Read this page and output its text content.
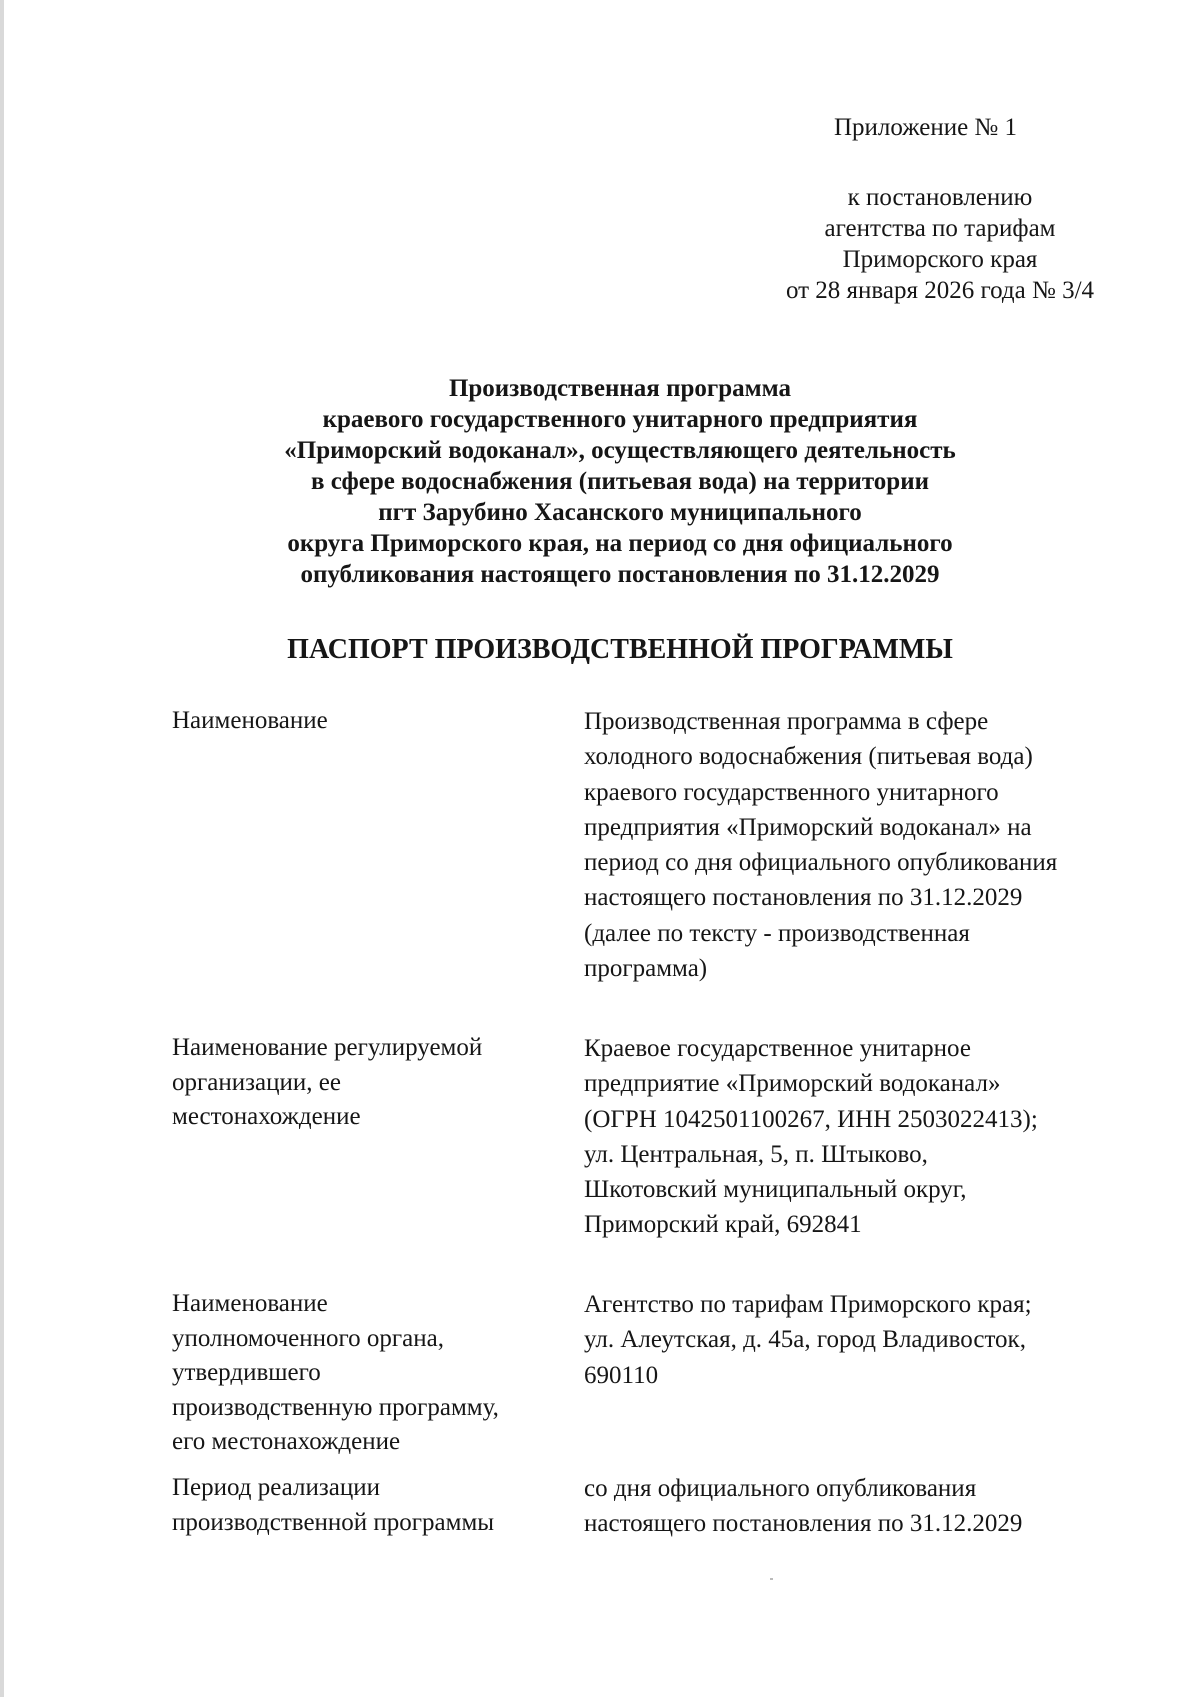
Приложение № 1
к постановлению
агентства по тарифам
Приморского края
от 28 января 2026 года № 3/4
Производственная программа
краевого государственного унитарного предприятия
«Приморский водоканал», осуществляющего деятельность
в сфере водоснабжения (питьевая вода) на территории
пгт Зарубино Хасанского муниципального
округа Приморского края, на период со дня официального
опубликования настоящего постановления по 31.12.2029
ПАСПОРТ ПРОИЗВОДСТВЕННОЙ ПРОГРАММЫ
Наименование	Производственная программа в сфере
холодного водоснабжения (питьевая вода)
краевого государственного унитарного
предприятия «Приморский водоканал» на
период со дня официального опубликования
настоящего постановления по 31.12.2029
(далее по тексту - производственная
программа)
Наименование регулируемой
организации, ее
местонахождение
Краевое государственное унитарное
предприятие «Приморский водоканал»
(ОГРН 1042501100267, ИНН 2503022413);
ул. Центральная, 5, п. Штыково,
Шкотовский муниципальный округ,
Приморский край, 692841
Наименование
уполномоченного органа,
утвердившего
производственную программу,
его местонахождение
Агентство по тарифам Приморского края;
ул. Алеутская, д. 45а, город Владивосток,
690110
Период реализации
производственной программы
со дня официального опубликования
настоящего постановления по 31.12.2029
